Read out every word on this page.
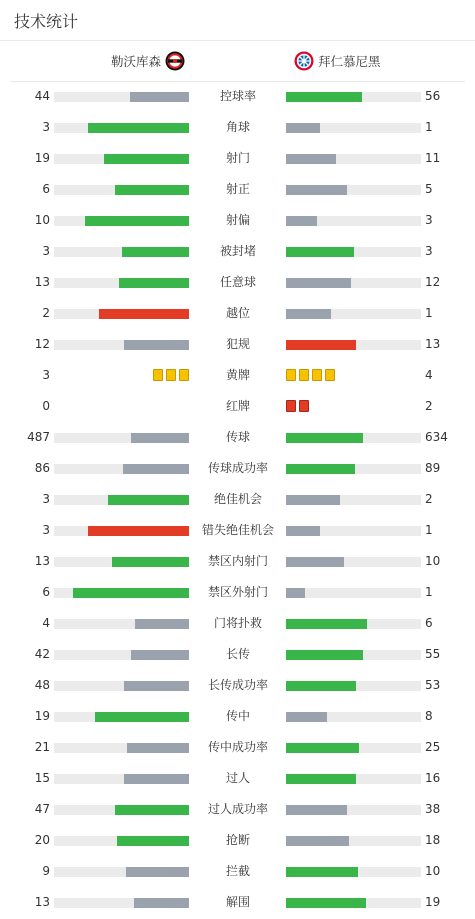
技术统计
勒沃库森	拜仁慕尼黑
44	控球率	56
3	角球	1
19	射门	11
6	射正	5
10	射偏	3
3	被封堵	3
13	任意球	12
2	越位	1
12	犯规	13
3	黄牌	4
0	红牌	2
487	传球	634
86	传球成功率	89
3	绝佳机会	2
3	错失绝佳机会	1
13	禁区内射门	10
6	禁区外射门	1
4	门将扑救	6
42	长传	55
48	长传成功率	53
19	传中	8
21	传中成功率	25
15	过人	16
47	过人成功率	38
20	抢断	18
9	拦截	10
13	解围	19
